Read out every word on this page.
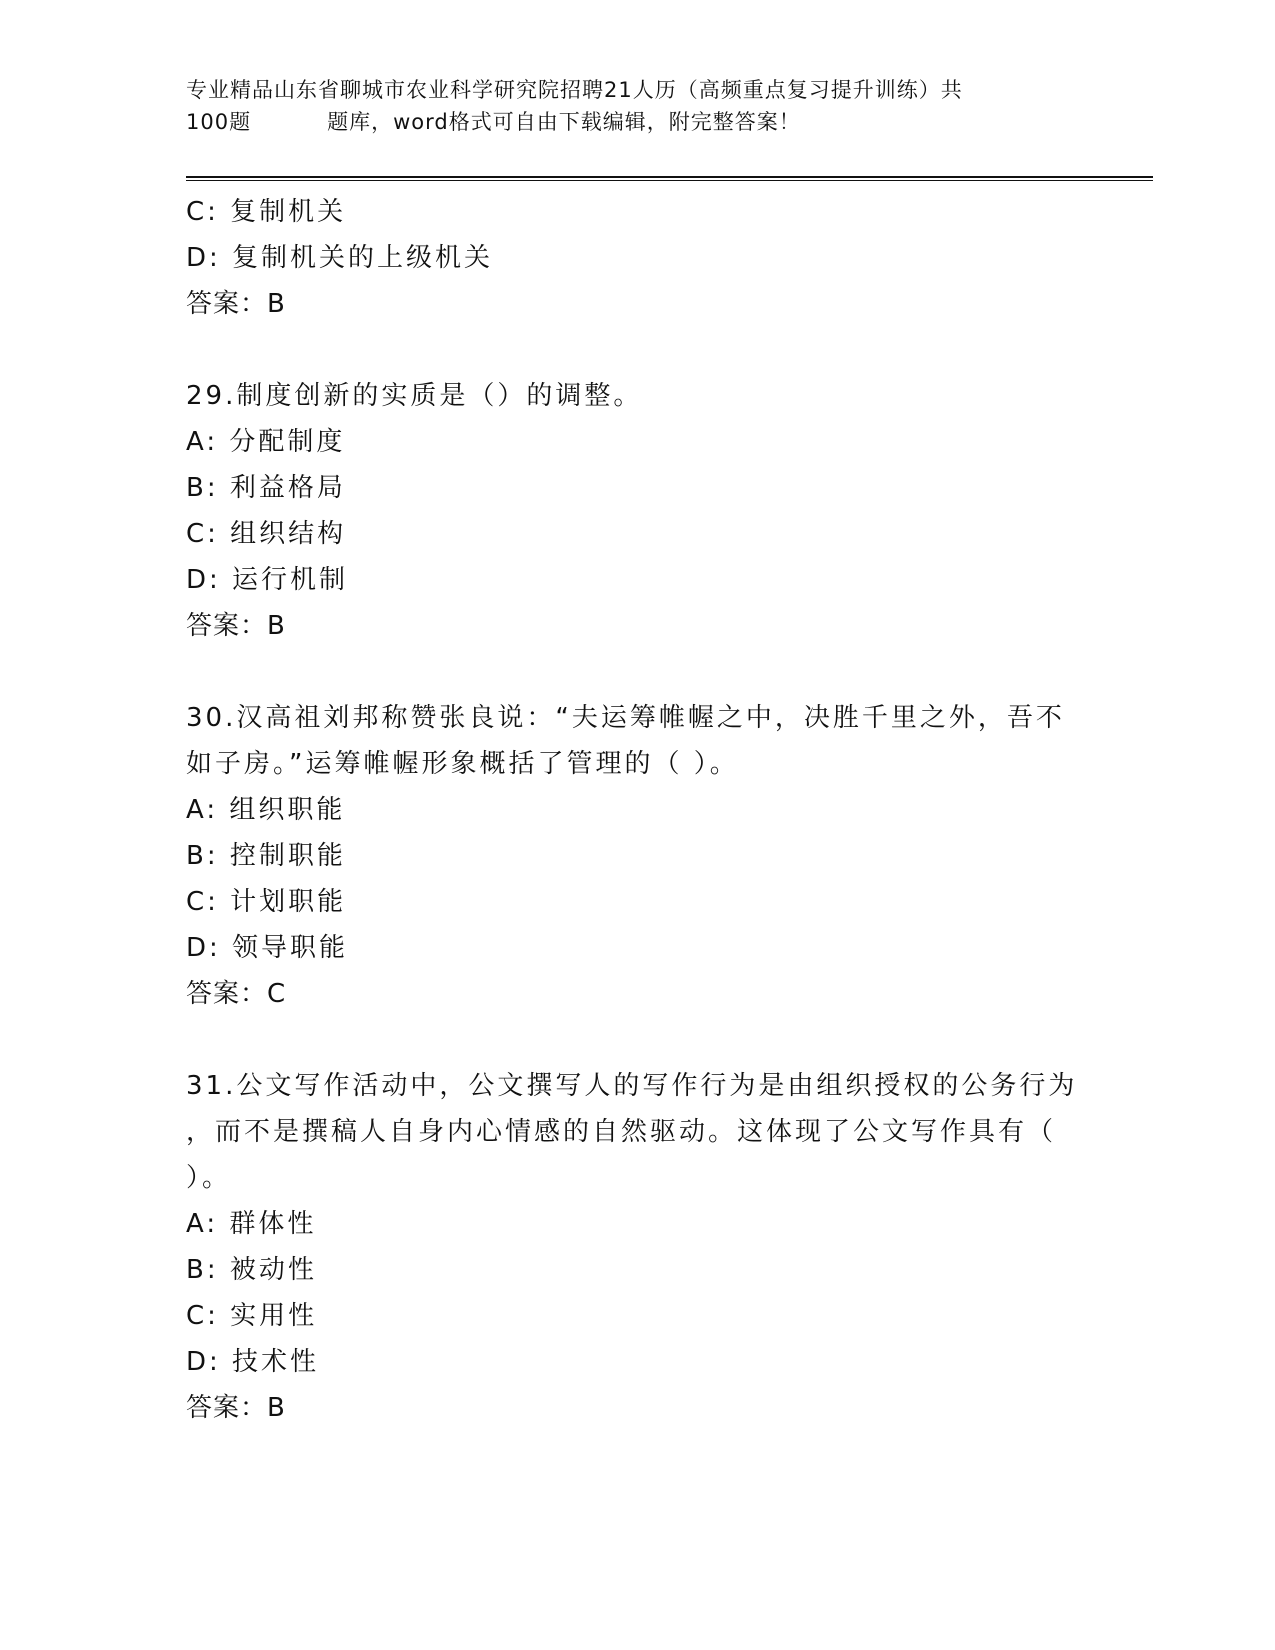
专业精品山东省聊城市农业科学研究院招聘21人历（高频重点复习提升训练）共
100题	题库，word格式可自由下载编辑，附完整答案！
C: 复制机关
D: 复制机关的上级机关
答案：B
29.制度创新的实质是（）的调整。
A: 分配制度
B: 利益格局
C: 组织结构
D: 运行机制
答案：B
30.汉高祖刘邦称赞张良说：“夫运筹帷幄之中，决胜千里之外，吾不
如子房。”运筹帷幄形象概括了管理的（ ）。
A: 组织职能
B: 控制职能
C: 计划职能
D: 领导职能
答案：C
31.公文写作活动中，公文撰写人的写作行为是由组织授权的公务行为
，而不是撰稿人自身内心情感的自然驱动。这体现了公文写作具有（
）。
A: 群体性
B: 被动性
C: 实用性
D: 技术性
答案：B
